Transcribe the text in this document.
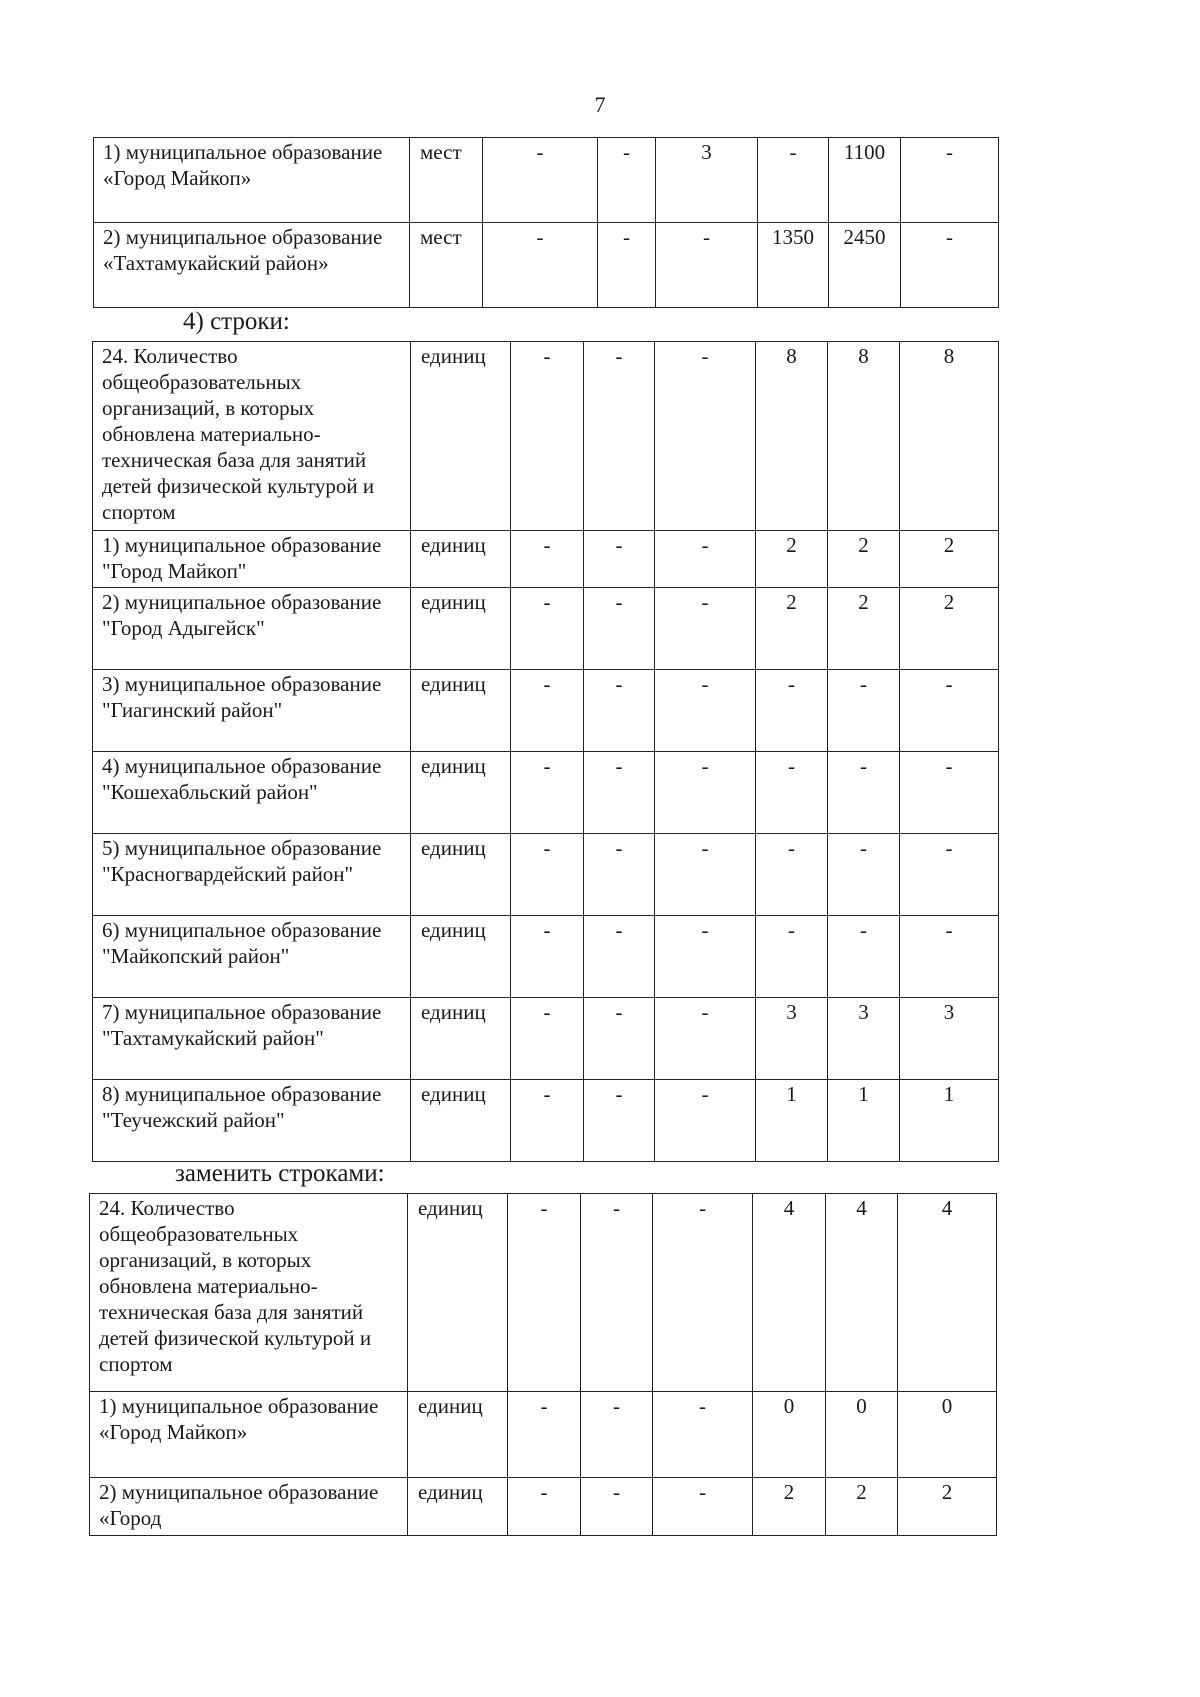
7
1) муниципальное образование «Город Майкоп»	мест	-	-	3	-	1100	-
2) муниципальное образование «Тахтамукайский район»	мест	-	-	-	1350	2450	-
4) строки:
24. Количество общеобразовательных организаций, в которых обновлена материально-техническая база для занятий детей физической культурой и спортом	единиц	-	-	-	8	8	8
1) муниципальное образование "Город Майкоп"	единиц	-	-	-	2	2	2
2) муниципальное образование "Город Адыгейск"	единиц	-	-	-	2	2	2
3) муниципальное образование "Гиагинский район"	единиц	-	-	-	-	-	-
4) муниципальное образование "Кошехабльский район"	единиц	-	-	-	-	-	-
5) муниципальное образование "Красногвардейский район"	единиц	-	-	-	-	-	-
6) муниципальное образование "Майкопский район"	единиц	-	-	-	-	-	-
7) муниципальное образование "Тахтамукайский район"	единиц	-	-	-	3	3	3
8) муниципальное образование "Теучежский район"	единиц	-	-	-	1	1	1
заменить строками:
24. Количество общеобразовательных организаций, в которых обновлена материально-техническая база для занятий детей физической культурой и спортом	единиц	-	-	-	4	4	4
1) муниципальное образование «Город Майкоп»	единиц	-	-	-	0	0	0
2) муниципальное образование «Город	единиц	-	-	-	2	2	2
